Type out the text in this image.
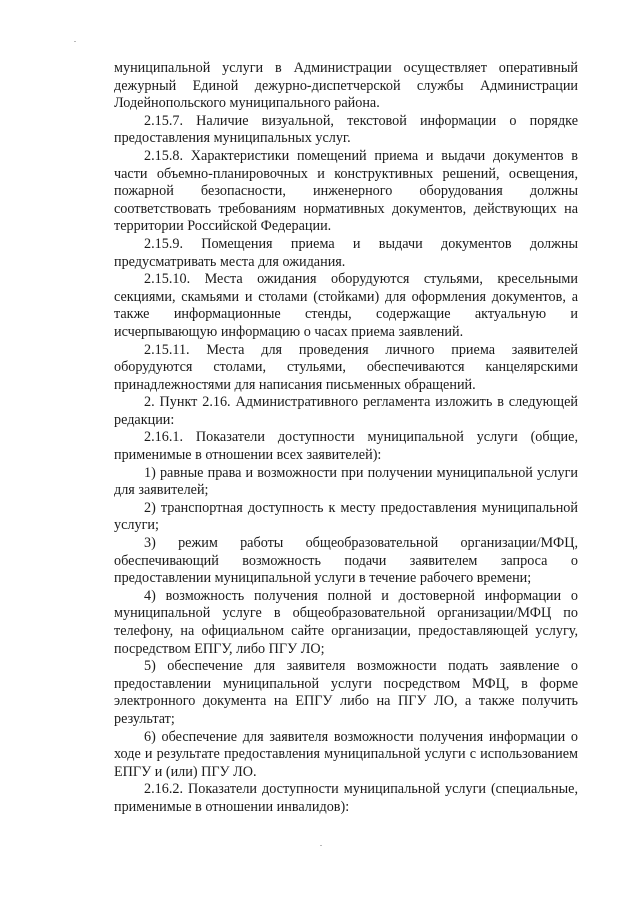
муниципальной услуги в Администрации осуществляет оперативный дежурный Единой дежурно-диспетчерской службы Администрации Лодейнопольского муниципального района.

2.15.7. Наличие визуальной, текстовой информации о порядке предоставления муниципальных услуг.

2.15.8. Характеристики помещений приема и выдачи документов в части объемно-планировочных и конструктивных решений, освещения, пожарной безопасности, инженерного оборудования должны соответствовать требованиям нормативных документов, действующих на территории Российской Федерации.

2.15.9. Помещения приема и выдачи документов должны предусматривать места для ожидания.

2.15.10. Места ожидания оборудуются стульями, кресельными секциями, скамьями и столами (стойками) для оформления документов, а также информационные стенды, содержащие актуальную и исчерпывающую информацию о часах приема заявлений.

2.15.11. Места для проведения личного приема заявителей оборудуются столами, стульями, обеспечиваются канцелярскими принадлежностями для написания письменных обращений.

2. Пункт 2.16. Административного регламента изложить в следующей редакции:

2.16.1. Показатели доступности муниципальной услуги (общие, применимые в отношении всех заявителей):

1) равные права и возможности при получении муниципальной услуги для заявителей;

2) транспортная доступность к месту предоставления муниципальной услуги;

3) режим работы общеобразовательной организации/МФЦ, обеспечивающий возможность подачи заявителем запроса о предоставлении муниципальной услуги в течение рабочего времени;

4) возможность получения полной и достоверной информации о муниципальной услуге в общеобразовательной организации/МФЦ по телефону, на официальном сайте организации, предоставляющей услугу, посредством ЕПГУ, либо ПГУ ЛО;

5) обеспечение для заявителя возможности подать заявление о предоставлении муниципальной услуги посредством МФЦ, в форме электронного документа на ЕПГУ либо на ПГУ ЛО, а также получить результат;

6) обеспечение для заявителя возможности получения информации о ходе и результате предоставления муниципальной услуги с использованием ЕПГУ и (или) ПГУ ЛО.

2.16.2. Показатели доступности муниципальной услуги (специальные, применимые в отношении инвалидов):
